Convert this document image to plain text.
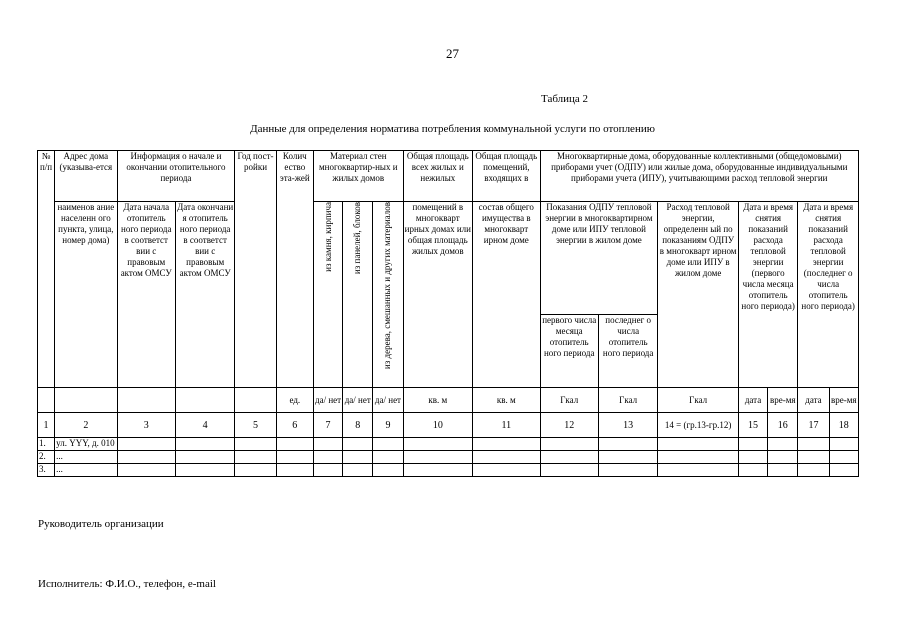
27
Таблица 2
Данные для определения норматива потребления коммунальной услуги по отоплению
№ п/п	Адрес дома (указыва-ется	Информация о начале и окончании отопительного периода		Год пост-ройки	Колич ество эта-жей	Материал стен многоквартир-ных и жилых домов			Общая площадь всех жилых и нежилых	Общая площадь помещений, входящих в	Многоквартирные дома, оборудованные коллективными (общедомовыми) приборами учет (ОДПУ) или жилые дома, оборудованные индивидуальными приборами учета (ИПУ), учитывающими расход тепловой энергии						
	наименов ание населенн ого пункта, улица, номер дома)	Дата начала отопитель ного периода в соответст вии с правовым актом ОМСУ	Дата окончани я отопитель ного периода в соответст вии с правовым актом ОМСУ			из камня, кирпича	из панелей, блоков	из дерева, смешанных и других материалов	помещений в многокварт ирных домах или общая площадь жилых домов	состав общего имущества в многокварт ирном доме	Показания ОДПУ тепловой энергии в многоквартирном доме или ИПУ тепловой энергии в жилом доме		Расход тепловой энергии, определенн ый по показаниям ОДПУ в многокварт ирном доме или ИПУ в жилом доме	Дата и время снятия показаний расхода тепловой энергии (первого числа месяца отопитель ного периода)		Дата и время снятия показаний расхода тепловой энергии (последнег о числа отопитель ного периода)	
											первого числа месяца отопитель ного периода	последнег о числа отопитель ного периода					
					ед.	да/ нет	да/ нет	да/ нет	кв. м	кв. м	Гкал	Гкал	Гкал	дата	вре-мя	дата	вре-мя
1	2	3	4	5	6	7	8	9	10	11	12	13	14 = (гр.13-гр.12)	15	16	17	18
1.	ул. YYY, д. 010																
2.	...																
3.	...																
Руководитель организации
Исполнитель: Ф.И.О., телефон, e-mail
